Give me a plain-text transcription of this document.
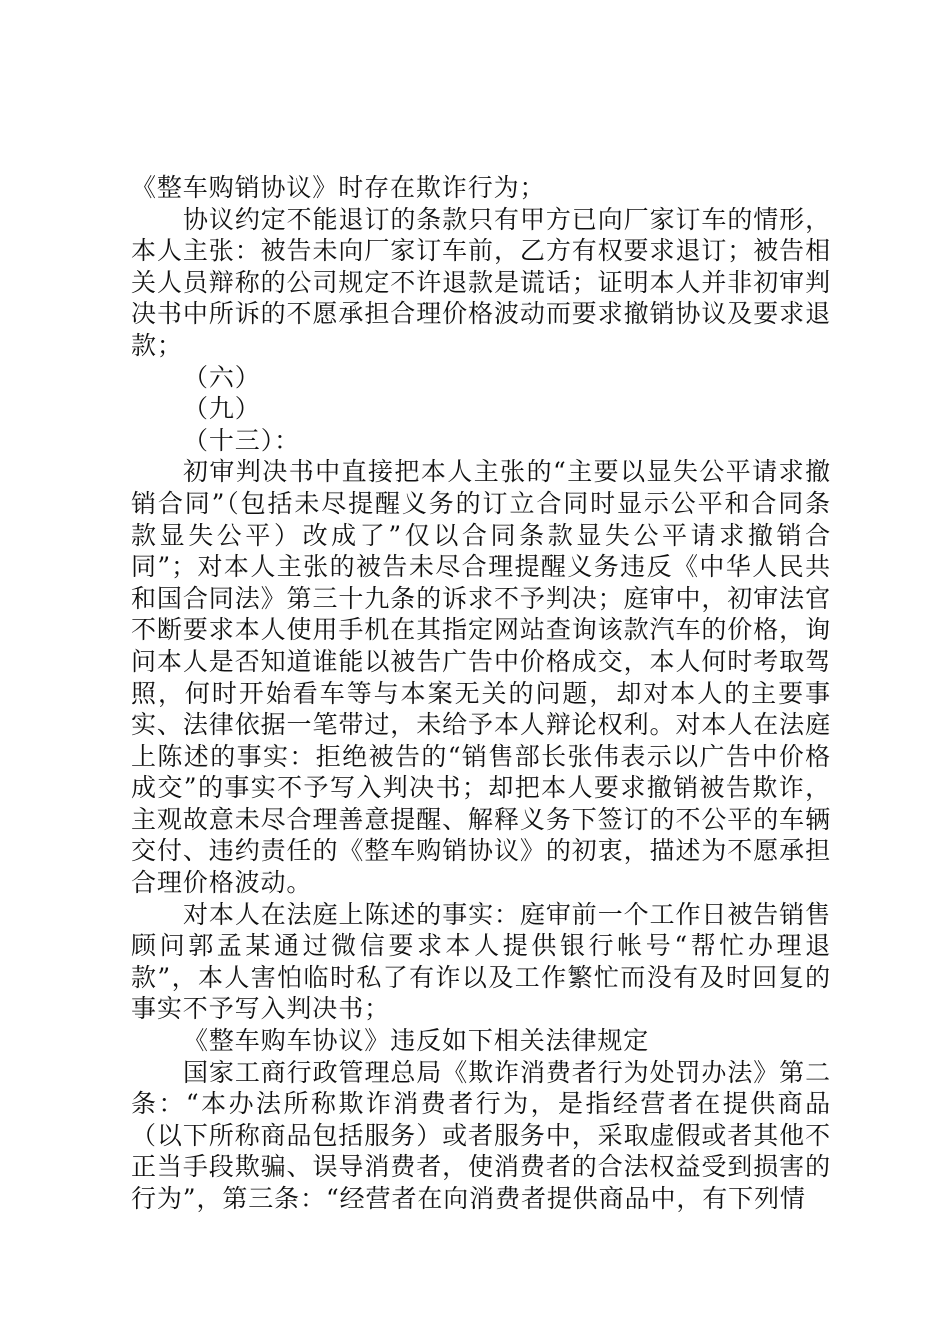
《整车购销协议》时存在欺诈行为；

协议约定不能退订的条款只有甲方已向厂家订车的情形，本人主张：被告未向厂家订车前，乙方有权要求退订；被告相关人员辩称的公司规定不许退款是谎话；证明本人并非初审判决书中所诉的不愿承担合理价格波动而要求撤销协议及要求退款；

（六）

（九）

（十三）：

初审判决书中直接把本人主张的“主要以显失公平请求撤销合同”（包括未尽提醒义务的订立合同时显示公平和合同条款显失公平）改成了”仅以合同条款显失公平请求撤销合同”；对本人主张的被告未尽合理提醒义务违反《中华人民共和国合同法》第三十九条的诉求不予判决；庭审中，初审法官不断要求本人使用手机在其指定网站查询该款汽车的价格，询问本人是否知道谁能以被告广告中价格成交，本人何时考取驾照，何时开始看车等与本案无关的问题，却对本人的主要事实、法律依据一笔带过，未给予本人辩论权利。对本人在法庭上陈述的事实：拒绝被告的“销售部长张伟表示以广告中价格成交”的事实不予写入判决书；却把本人要求撤销被告欺诈，主观故意未尽合理善意提醒、解释义务下签订的不公平的车辆交付、违约责任的《整车购销协议》的初衷，描述为不愿承担合理价格波动。

对本人在法庭上陈述的事实：庭审前一个工作日被告销售顾问郭孟某通过微信要求本人提供银行帐号“帮忙办理退款”，本人害怕临时私了有诈以及工作繁忙而没有及时回复的事实不予写入判决书；

《整车购车协议》违反如下相关法律规定

国家工商行政管理总局《欺诈消费者行为处罚办法》第二条：“本办法所称欺诈消费者行为，是指经营者在提供商品（以下所称商品包括服务）或者服务中，采取虚假或者其他不正当手段欺骗、误导消费者，使消费者的合法权益受到损害的行为”，第三条：“经营者在向消费者提供商品中，有下列情
